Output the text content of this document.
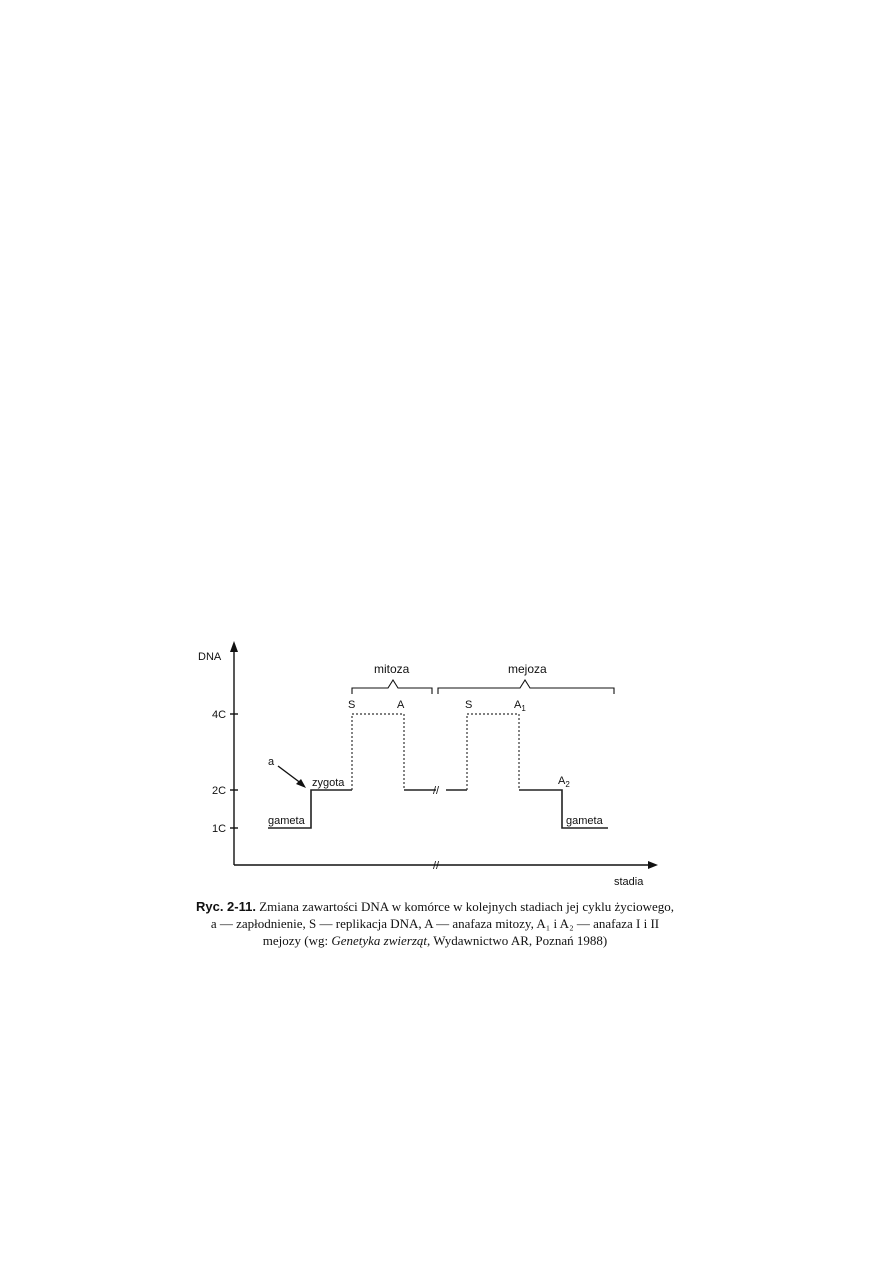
DNA
4C
2C
1C
stadia
//
//
mitoza	mejoza
S	A	S	$A_1$
$A_2$
a
zygota
gameta	gameta
Ryc. 2-11. Zmiana zawartości DNA w komórce w kolejnych stadiach jej cyklu życiowego,
a — zapłodnienie, S — replikacja DNA, A — anafaza mitozy, A₁ i A₂ — anafaza I i II
mejozy (wg: Genetyka zwierząt, Wydawnictwo AR, Poznań 1988)
